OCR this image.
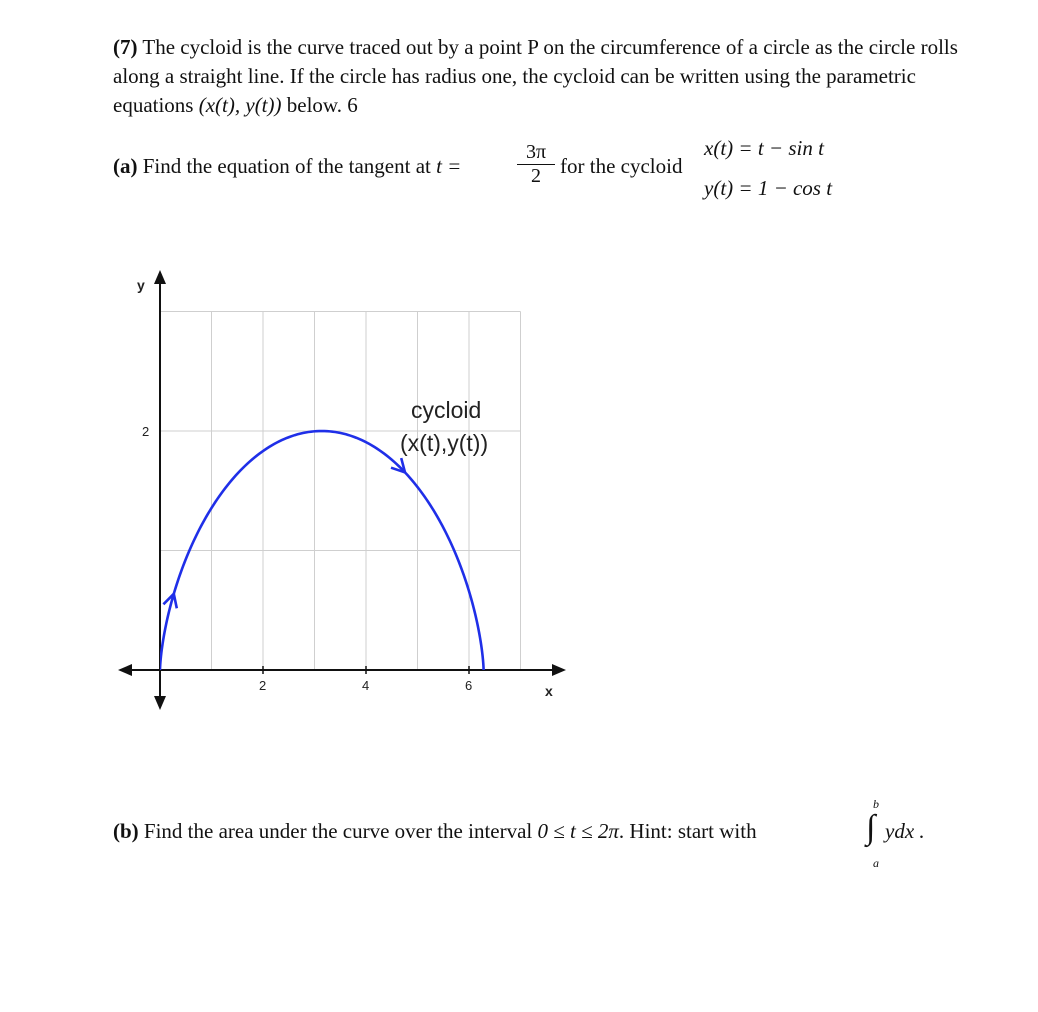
(7) The cycloid is the curve traced out by a point P on the circumference of a circle as the circle rolls along a straight line. If the circle has radius one, the cycloid can be written using the parametric equations (x(t), y(t)) below. 6
(a) Find the equation of the tangent at t =
3π
2 for the cycloid
x(t) = t − sin t
y(t) = 1 − cos t
2	4	6
2
x
y
cycloid
(x(t),y(t))
(b) Find the area under the curve over the interval 0 ≤ t ≤ 2π. Hint: start with
b
∫
a
ydx .
